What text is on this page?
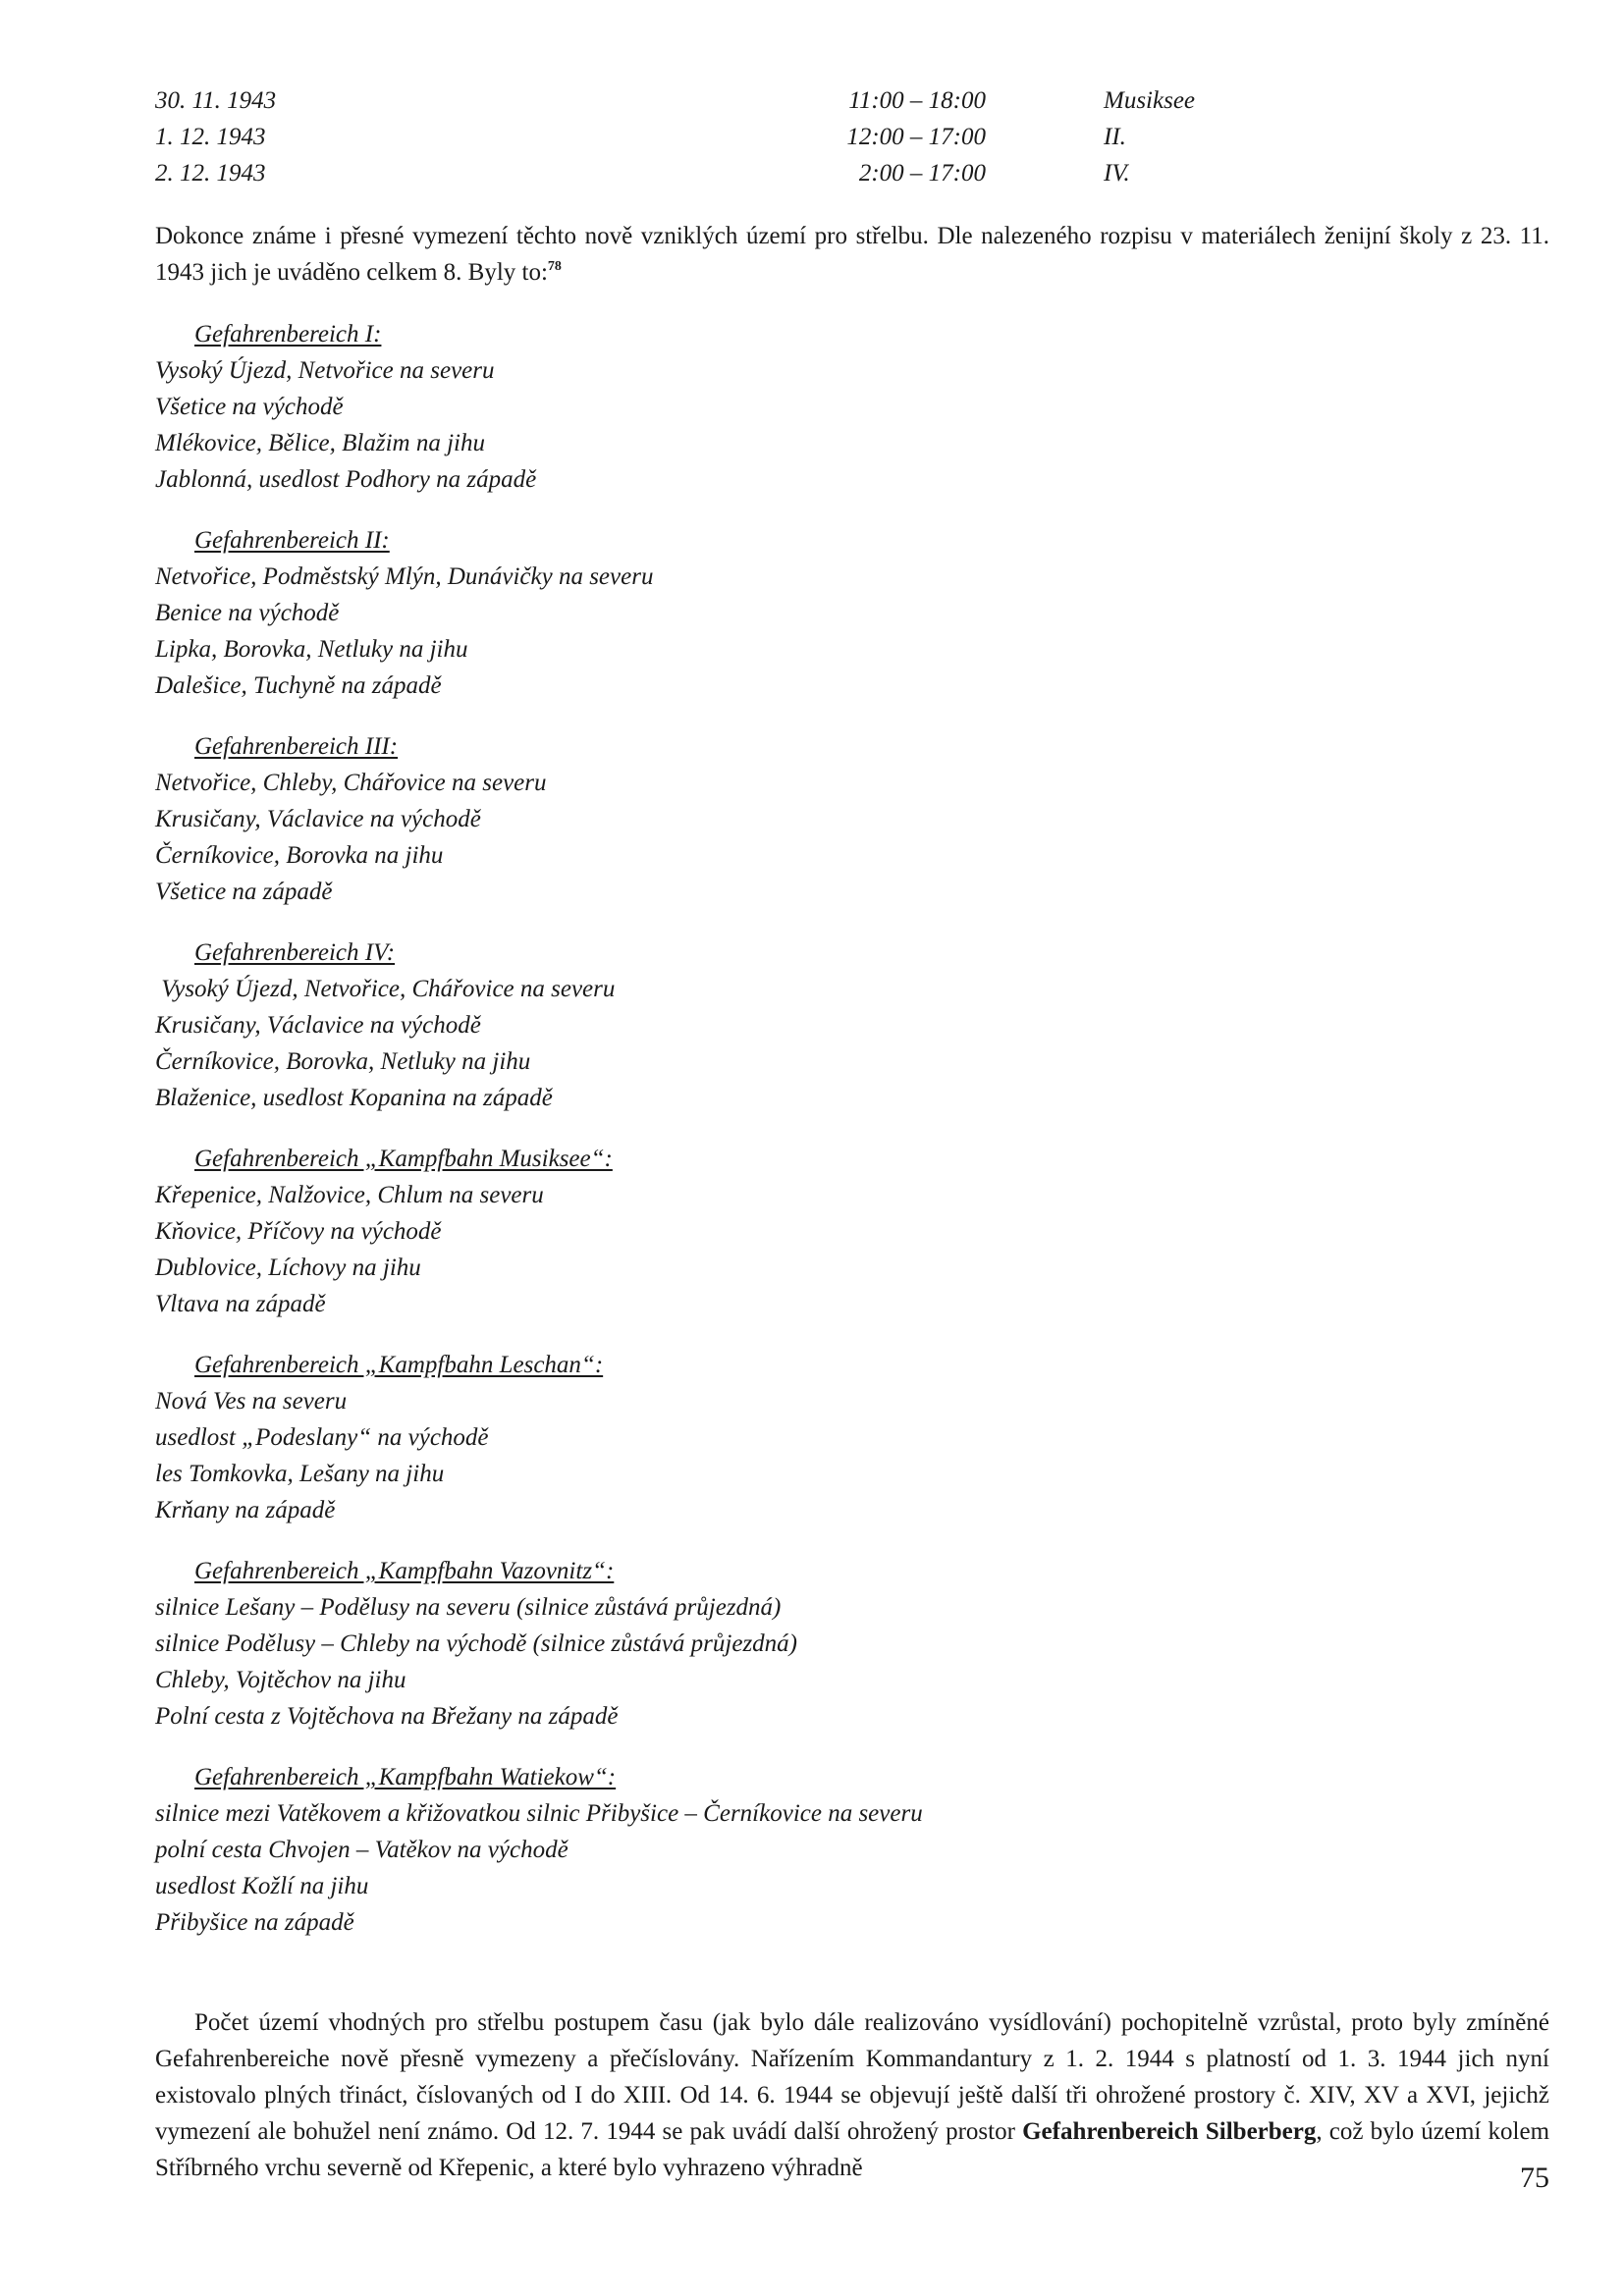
30. 11. 1943	11:00 – 18:00	Musiksee
1. 12. 1943	12:00 – 17:00	II.
2. 12. 1943	2:00 – 17:00	IV.

Dokonce známe i přesné vymezení těchto nově vzniklých území pro střelbu. Dle nalezeného rozpisu v materiálech ženijní školy z 23. 11. 1943 jich je uváděno celkem 8. Byly to:$^{78}$

Gefahrenbereich I:
Vysoký Újezd, Netvořice na severu
Všetice na východě
Mlékovice, Bělice, Blažim na jihu
Jablonná, usedlost Podhory na západě
Gefahrenbereich II:
Netvořice, Podměstský Mlýn, Dunávičky na severu
Benice na východě
Lipka, Borovka, Netluky na jihu
Dalešice, Tuchyně na západě
Gefahrenbereich III:
Netvořice, Chleby, Chářovice na severu
Krusičany, Václavice na východě
Černíkovice, Borovka na jihu
Všetice na západě
Gefahrenbereich IV:
Vysoký Újezd, Netvořice, Chářovice na severu
Krusičany, Václavice na východě
Černíkovice, Borovka, Netluky na jihu
Blaženice, usedlost Kopanina na západě
Gefahrenbereich „Kampfbahn Musiksee“:
Křepenice, Nalžovice, Chlum na severu
Kňovice, Příčovy na východě
Dublovice, Líchovy na jihu
Vltava na západě
Gefahrenbereich „Kampfbahn Leschan“:
Nová Ves na severu
usedlost „Podeslany“ na východě
les Tomkovka, Lešany na jihu
Krňany na západě
Gefahrenbereich „Kampfbahn Vazovnitz“:
silnice Lešany – Podělusy na severu (silnice zůstává průjezdná)
silnice Podělusy – Chleby na východě (silnice zůstává průjezdná)
Chleby, Vojtěchov na jihu
Polní cesta z Vojtěchova na Břežany na západě
Gefahrenbereich „Kampfbahn Watiekow“:
silnice mezi Vatěkovem a křižovatkou silnic Přibyšice – Černíkovice na severu
polní cesta Chvojen – Vatěkov na východě
usedlost Kožlí na jihu
Přibyšice na západě

Počet území vhodných pro střelbu postupem času (jak bylo dále realizováno vysídlování) pochopitelně vzrůstal, proto byly zmíněné Gefahrenbereiche nově přesně vymezeny a přečíslovány. Nařízením Kommandantury z 1. 2. 1944 s platností od 1. 3. 1944 jich nyní existovalo plných třináct, číslovaných od I do XIII. Od 14. 6. 1944 se objevují ještě další tři ohrožené prostory č. XIV, XV a XVI, jejichž vymezení ale bohužel není známo. Od 12. 7. 1944 se pak uvádí další ohrožený prostor Gefahrenbereich Silberberg, což bylo území kolem Stříbrného vrchu severně od Křepenic, a které bylo vyhrazeno výhradně	75
